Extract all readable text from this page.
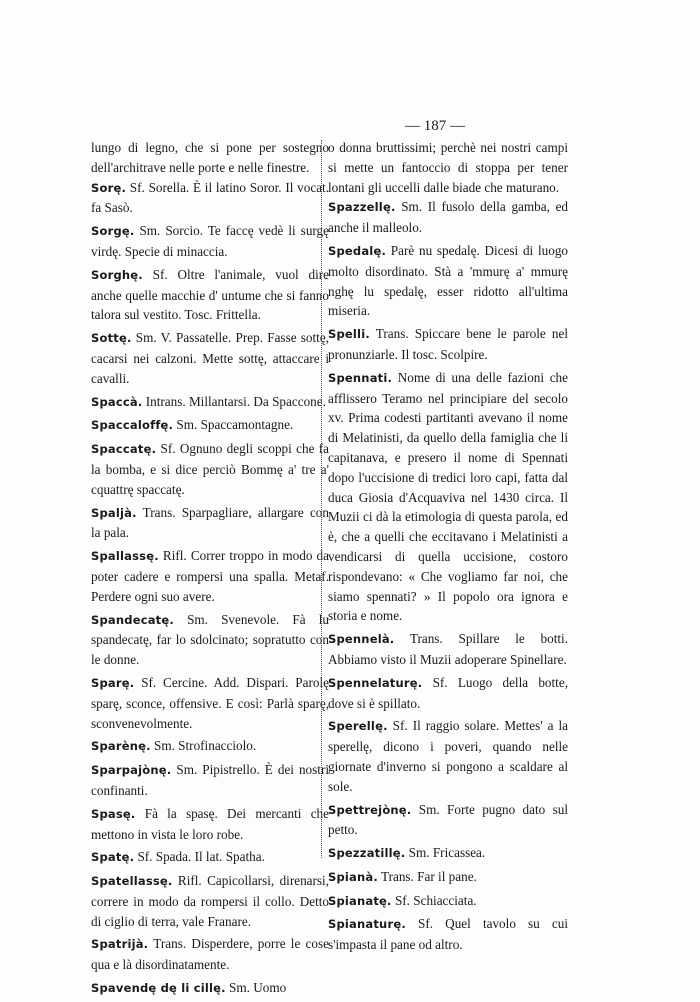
— 187 —

lungo di legno, che si pone per sostegno dell'architrave nelle porte e nelle finestre.

Sorę. Sf. Sorella. È il latino Soror. Il vocat. fa Sasò.

Sorgę. Sm. Sorcio. Te faccę vedè li surgę virdę. Specie di minaccia.

Sorghę. Sf. Oltre l'animale, vuol dire anche quelle macchie d' untume che si fanno talora sul vestito. Tosc. Frittella.

Sottę. Sm. V. Passatelle. Prep. Fasse sottę, cacarsi nei calzoni. Mette sottę, attaccare i cavalli.

Spaccà. Intrans. Millantarsi. Da Spaccone.

Spaccaloffę. Sm. Spaccamontagne.

Spaccatę. Sf. Ognuno degli scoppi che fa la bomba, e si dice perciò Bommę a' tre a' cquattrę spaccatę.

Spaljà. Trans. Sparpagliare, allargare con la pala.

Spallassę. Rifl. Correr troppo in modo da poter cadere e rompersi una spalla. Metaf. Perdere ogni suo avere.

Spandecatę. Sm. Svenevole. Fà lu spandecatę, far lo sdolcinato; sopratutto con le donne.

Sparę. Sf. Cercine. Add. Dispari. Parolę sparę, sconce, offensive. E così: Parlà sparę, sconvenevolmente.

Sparènę. Sm. Strofinacciolo.

Sparpajònę. Sm. Pipistrello. È dei nostri confinanti.

Spasę. Fà la spasę. Dei mercanti che mettono in vista le loro robe.

Spatę. Sf. Spada. Il lat. Spatha.

Spatellassę. Rifl. Capicollarsi, direnarsi, correre in modo da rompersi il collo. Detto di ciglio di terra, vale Franare.

Spatrijà. Trans. Disperdere, porre le cose qua e là disordinatamente.

Spavendę dę li cillę. Sm. Uomo

o donna bruttissimi; perchè nei nostri campi si mette un fantoccio di stoppa per tener lontani gli uccelli dalle biade che maturano.

Spazzellę. Sm. Il fusolo della gamba, ed anche il malleolo.

Spedalę. Parè nu spedalę. Dicesi di luogo molto disordinato. Stà a 'mmurę a' mmurę nghę lu spedalę, esser ridotto all'ultima miseria.

Spelli. Trans. Spiccare bene le parole nel pronunziarle. Il tosc. Scolpire.

Spennati. Nome di una delle fazioni che afflissero Teramo nel principiare del secolo xv. Prima codesti partitanti avevano il nome di Melatinisti, da quello della famiglia che li capitanava, e presero il nome di Spennati dopo l'uccisione di tredici loro capi, fatta dal duca Giosia d'Acquaviva nel 1430 circa. Il Muzii ci dà la etimologia di questa parola, ed è, che a quelli che eccitavano i Melatinisti a vendicarsi di quella uccisione, costoro rispondevano: « Che vogliamo far noi, che siamo spennati? » Il popolo ora ignora e storia e nome.

Spennelà. Trans. Spillare le botti. Abbiamo visto il Muzii adoperare Spinellare.

Spennelaturę. Sf. Luogo della botte, dove si è spillato.

Sperellę. Sf. Il raggio solare. Mettes' a la sperellę, dicono i poveri, quando nelle giornate d'inverno si pongono a scaldare al sole.

Spettrejònę. Sm. Forte pugno dato sul petto.

Spezzatillę. Sm. Fricassea.

Spianà. Trans. Far il pane.

Spianatę. Sf. Schiacciata.

Spianaturę. Sf. Quel tavolo su cui s'impasta il pane od altro.
